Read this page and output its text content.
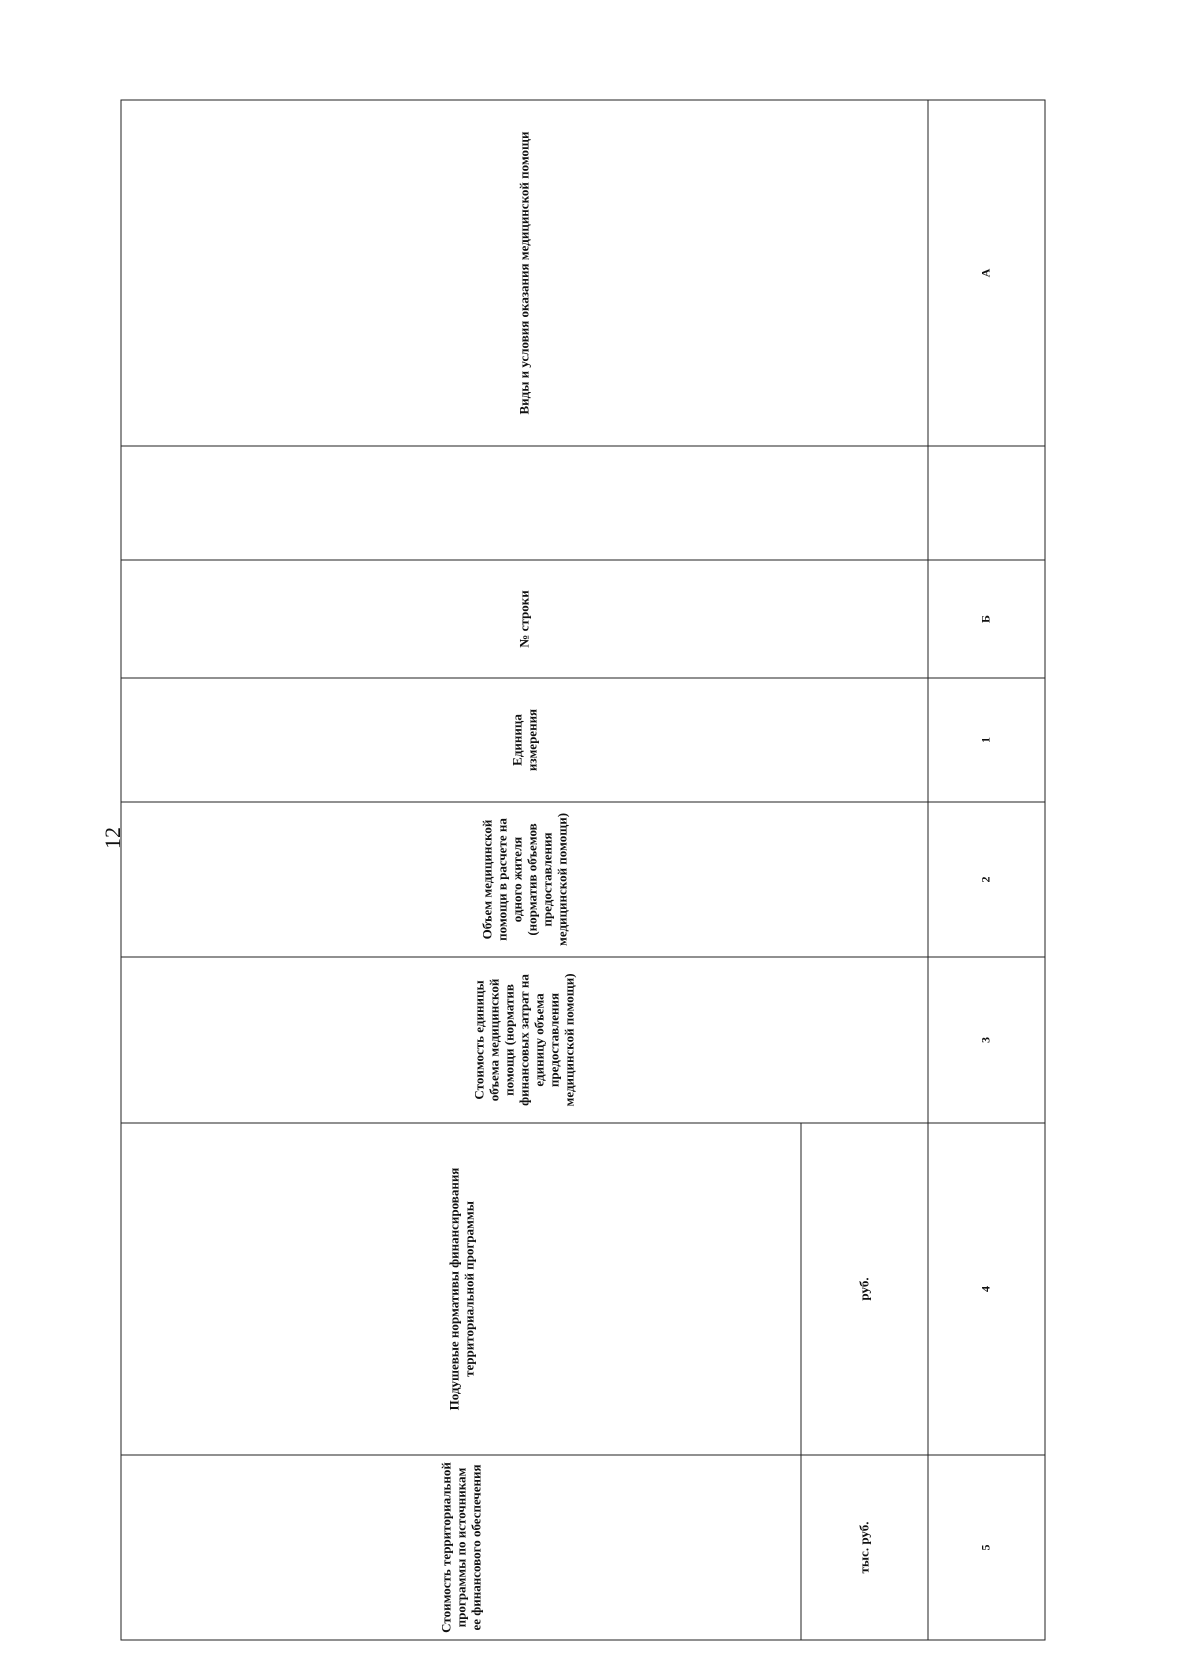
12
Стоимость территориальной программы по источникам ее финансового обеспечения	Подушевые нормативы финансирования территориальной программы	Стоимость единицы объема медицинской помощи (норматив финансовых затрат на единицу объема предоставления медицинской помощи)	Объем медицинской помощи в расчете на одного жителя (норматив объемов предоставления медицинской помощи)	Единица измерения	№ строки		Виды и условия оказания медицинской помощи
тыс. руб.	руб.						
5	4	3	2	1	Б		А
